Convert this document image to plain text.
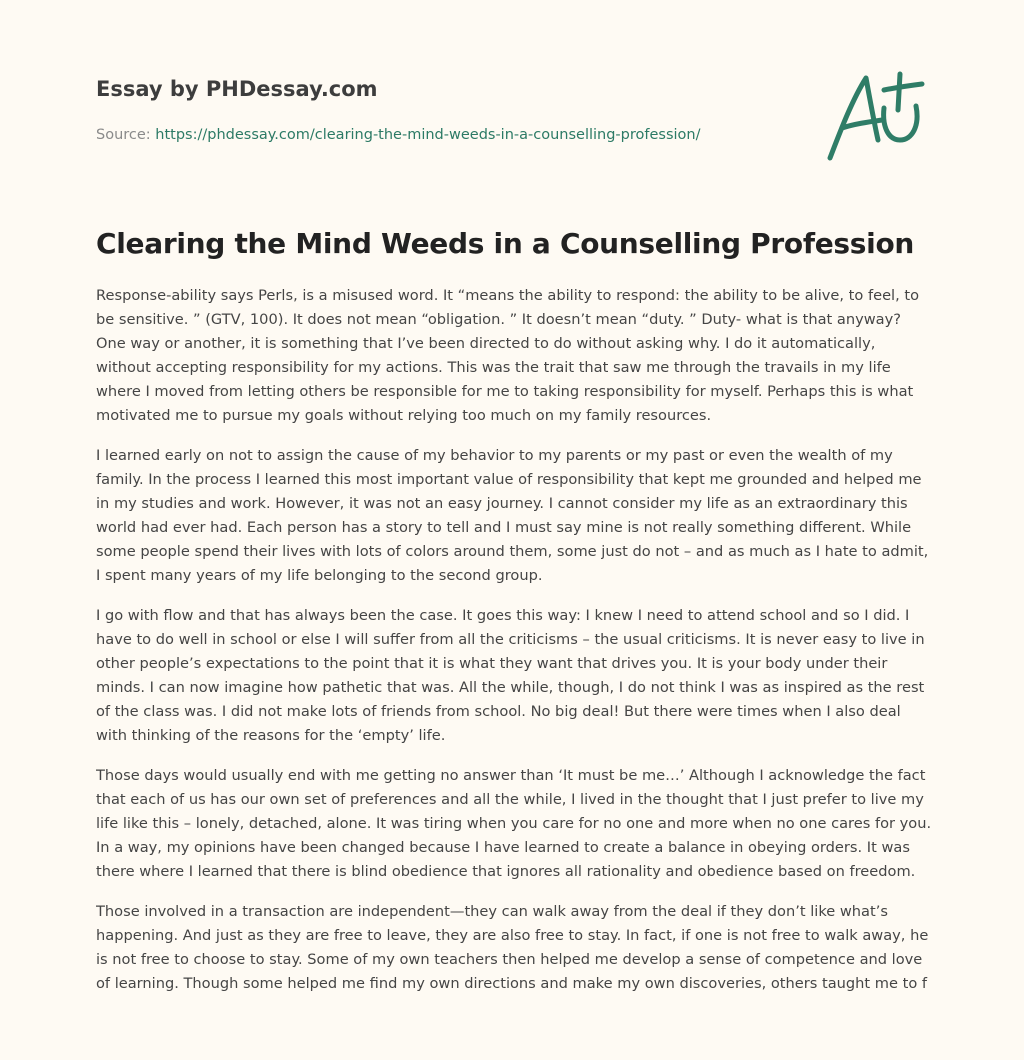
Essay by PHDessay.com
Source: https://phdessay.com/clearing-the-mind-weeds-in-a-counselling-profession/
Clearing the Mind Weeds in a Counselling Profession

Response-ability says Perls, is a misused word. It “means the ability to respond: the ability to be alive, to feel, to be sensitive. ” (GTV, 100). It does not mean “obligation. ” It doesn’t mean “duty. ” Duty- what is that anyway? One way or another, it is something that I’ve been directed to do without asking why. I do it automatically, without accepting responsibility for my actions. This was the trait that saw me through the travails in my life where I moved from letting others be responsible for me to taking responsibility for myself. Perhaps this is what motivated me to pursue my goals without relying too much on my family resources.

I learned early on not to assign the cause of my behavior to my parents or my past or even the wealth of my family. In the process I learned this most important value of responsibility that kept me grounded and helped me in my studies and work. However, it was not an easy journey. I cannot consider my life as an extraordinary this world had ever had. Each person has a story to tell and I must say mine is not really something different. While some people spend their lives with lots of colors around them, some just do not – and as much as I hate to admit, I spent many years of my life belonging to the second group.

I go with flow and that has always been the case. It goes this way: I knew I need to attend school and so I did. I have to do well in school or else I will suffer from all the criticisms – the usual criticisms. It is never easy to live in other people’s expectations to the point that it is what they want that drives you. It is your body under their minds. I can now imagine how pathetic that was. All the while, though, I do not think I was as inspired as the rest of the class was. I did not make lots of friends from school. No big deal! But there were times when I also deal with thinking of the reasons for the ‘empty’ life.

Those days would usually end with me getting no answer than ‘It must be me…’ Although I acknowledge the fact that each of us has our own set of preferences and all the while, I lived in the thought that I just prefer to live my life like this – lonely, detached, alone. It was tiring when you care for no one and more when no one cares for you. In a way, my opinions have been changed because I have learned to create a balance in obeying orders. It was there where I learned that there is blind obedience that ignores all rationality and obedience based on freedom.

Those involved in a transaction are independent—they can walk away from the deal if they don’t like what’s happening. And just as they are free to leave, they are also free to stay. In fact, if one is not free to walk away, he is not free to choose to stay. Some of my own teachers then helped me develop a sense of competence and love of learning. Though some helped me find my own directions and make my own discoveries, others taught me to f
